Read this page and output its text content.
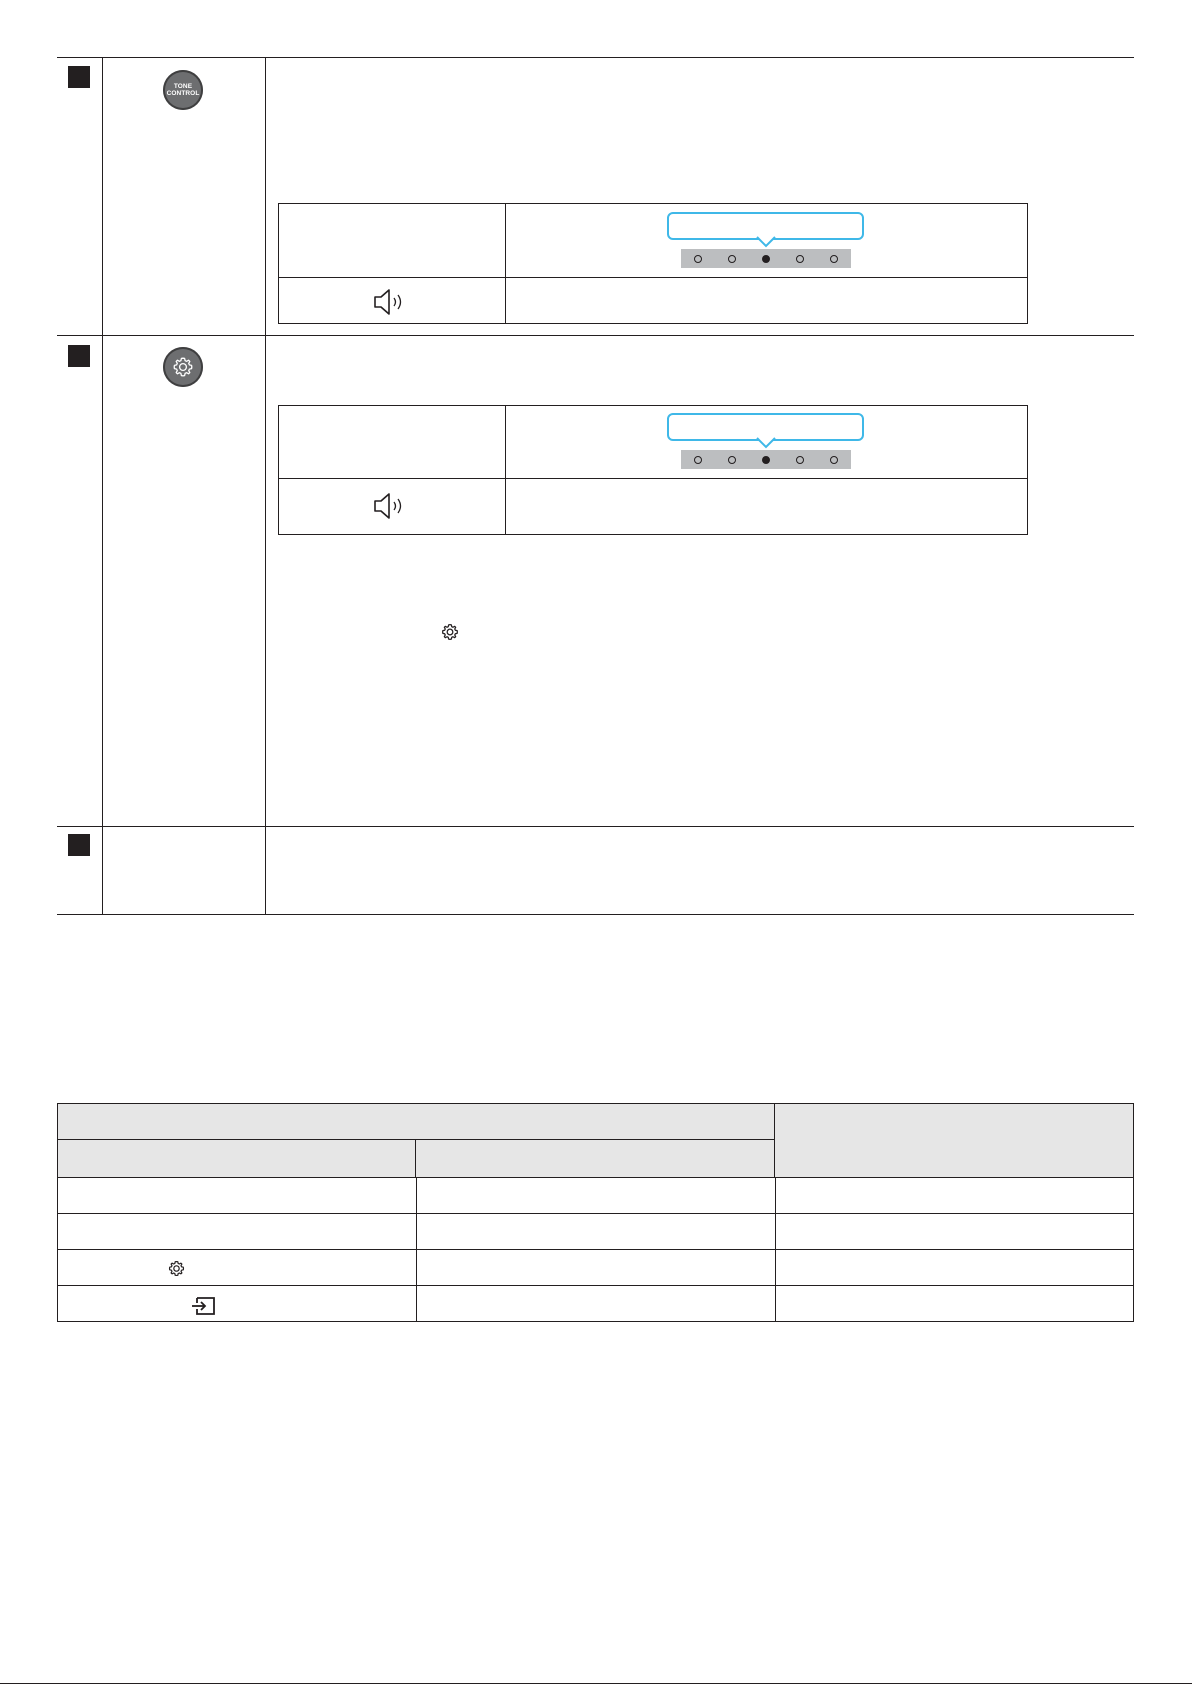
TONE
CONTROL
